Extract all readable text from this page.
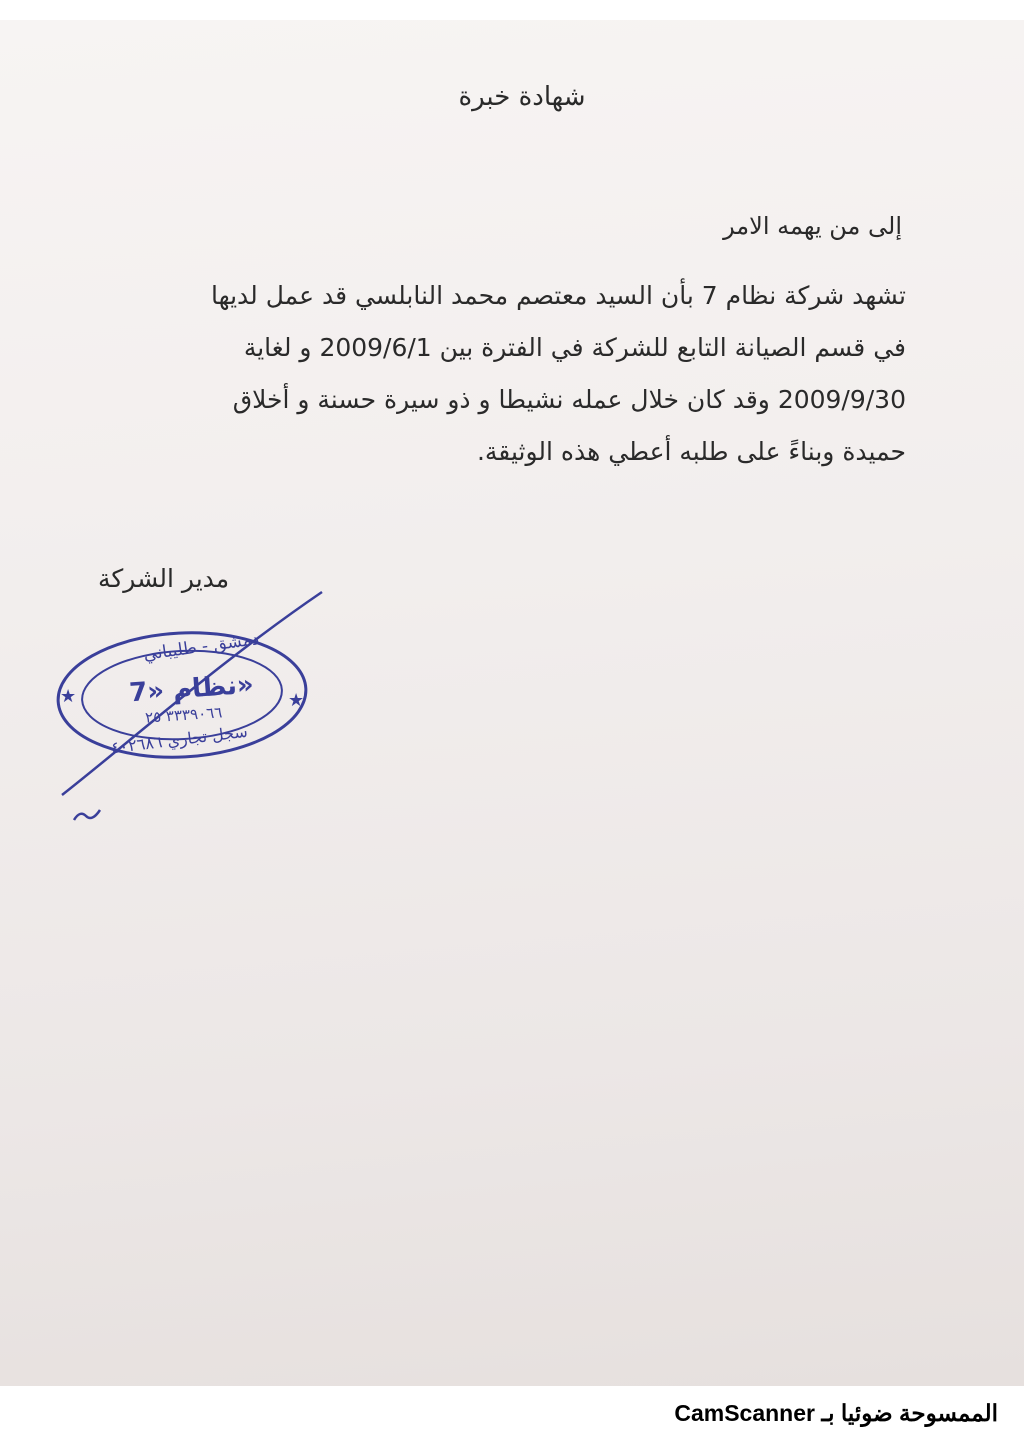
شهادة خبرة
إلى من يهمه الامر
تشهد شركة نظام 7 بأن السيد معتصم محمد النابلسي قد عمل لديها
في قسم الصيانة التابع للشركة في الفترة بين 2009/6/1 و لغاية
2009/9/30 وقد كان خلال عمله نشيطا و ذو سيرة حسنة و أخلاق
حميدة وبناءً على طلبه أعطي هذه الوثيقة.
مدير الشركة
★	★
دمشق - طليباني
نظام «7»
٣٣٣٩٠٦٦ ٢٥
سجل تجاري ٤٠٢٦٨٦
الممسوحة ضوئيا بـ CamScanner
